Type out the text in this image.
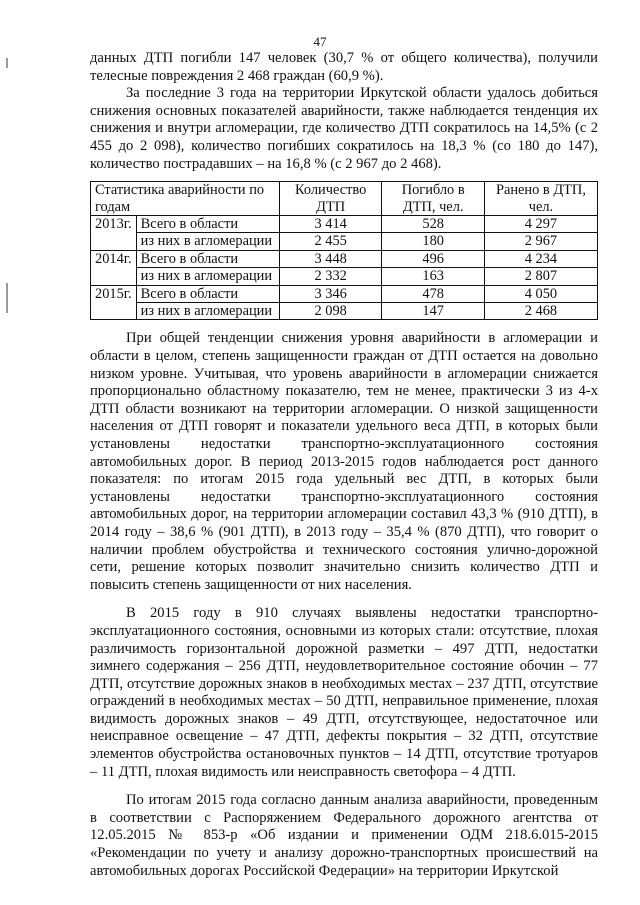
47

данных ДТП погибли 147 человек (30,7 % от общего количества), получили телесные повреждения 2 468 граждан (60,9 %).

За последние 3 года на территории Иркутской области удалось добиться снижения основных показателей аварийности, также наблюдается тенденция их снижения и внутри агломерации, где количество ДТП сократилось на 14,5% (с 2 455 до 2 098), количество погибших сократилось на 18,3 % (со 180 до 147), количество пострадавших – на 16,8 % (с 2 967 до 2 468).

Статистика аварийности по годам		Количество ДТП	Погибло в ДТП, чел.	Ранено в ДТП, чел.
2013г.	Всего в области	3 414	528	4 297
	из них в агломерации	2 455	180	2 967
2014г.	Всего в области	3 448	496	4 234
	из них в агломерации	2 332	163	2 807
2015г.	Всего в области	3 346	478	4 050
	из них в агломерации	2 098	147	2 468

При общей тенденции снижения уровня аварийности в агломерации и области в целом, степень защищенности граждан от ДТП остается на довольно низком уровне. Учитывая, что уровень аварийности в агломерации снижается пропорционально областному показателю, тем не менее, практически 3 из 4-х ДТП области возникают на территории агломерации. О низкой защищенности населения от ДТП говорят и показатели удельного веса ДТП, в которых были установлены недостатки транспортно-эксплуатационного состояния автомобильных дорог. В период 2013-2015 годов наблюдается рост данного показателя: по итогам 2015 года удельный вес ДТП, в которых были установлены недостатки транспортно-эксплуатационного состояния автомобильных дорог, на территории агломерации составил 43,3 % (910 ДТП), в 2014 году – 38,6 % (901 ДТП), в 2013 году – 35,4 % (870 ДТП), что говорит о наличии проблем обустройства и технического состояния улично-дорожной сети, решение которых позволит значительно снизить количество ДТП и повысить степень защищенности от них населения.

В 2015 году в 910 случаях выявлены недостатки транспортно-эксплуатационного состояния, основными из которых стали: отсутствие, плохая различимость горизонтальной дорожной разметки – 497 ДТП, недостатки зимнего содержания – 256 ДТП, неудовлетворительное состояние обочин – 77 ДТП, отсутствие дорожных знаков в необходимых местах – 237 ДТП, отсутствие ограждений в необходимых местах – 50 ДТП, неправильное применение, плохая видимость дорожных знаков – 49 ДТП, отсутствующее, недостаточное или неисправное освещение – 47 ДТП, дефекты покрытия – 32 ДТП, отсутствие элементов обустройства остановочных пунктов – 14 ДТП, отсутствие тротуаров – 11 ДТП, плохая видимость или неисправность светофора – 4 ДТП.

По итогам 2015 года согласно данным анализа аварийности, проведенным в соответствии с Распоряжением Федерального дорожного агентства от 12.05.2015 № 853-р «Об издании и применении ОДМ 218.6.015-2015 «Рекомендации по учету и анализу дорожно-транспортных происшествий на автомобильных дорогах Российской Федерации» на территории Иркутской
